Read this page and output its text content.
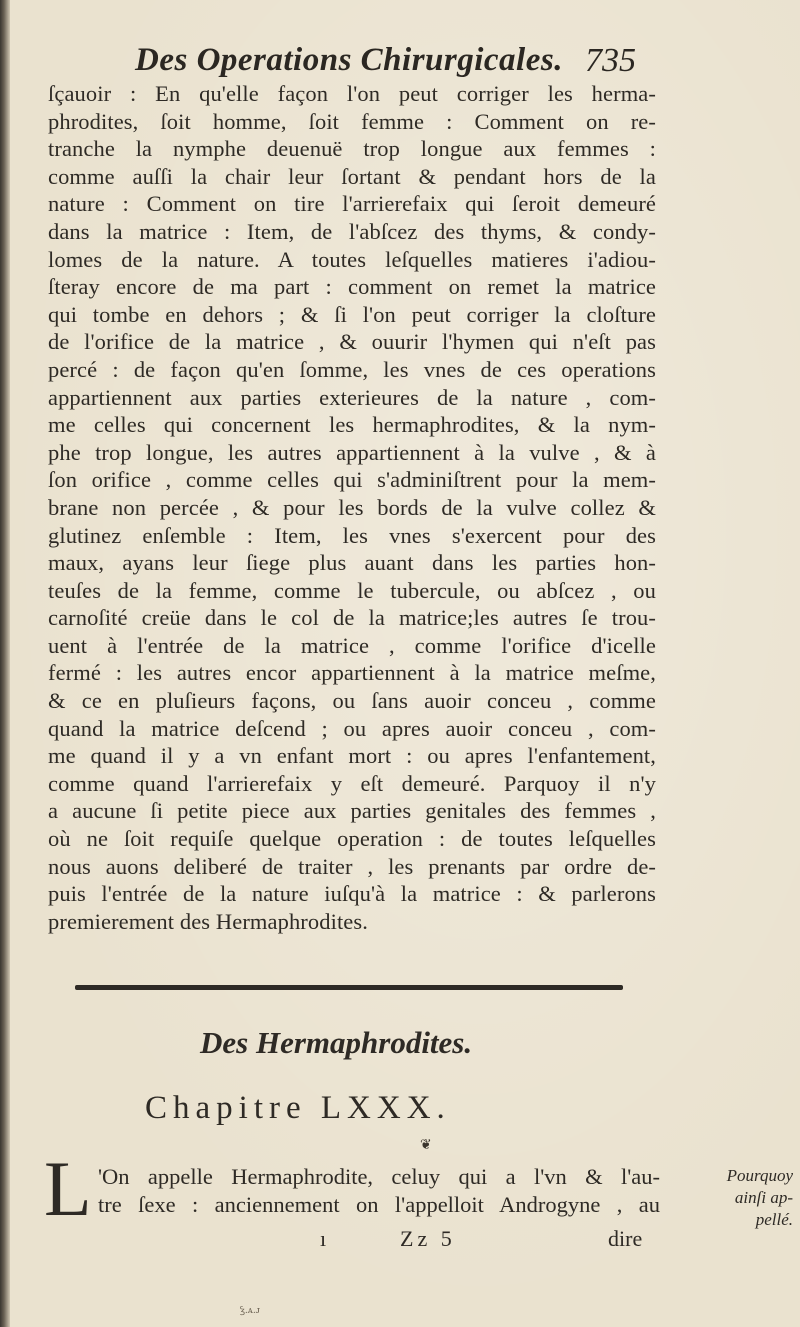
Des Operations Chirurgicales. 735
ſçauoir : En qu'elle façon l'on peut corriger les herma-
phrodites, ſoit homme, ſoit femme : Comment on re-
tranche la nymphe deuenuë trop longue aux femmes :
comme auſſi la chair leur ſortant & pendant hors de la
nature : Comment on tire l'arrierefaix qui ſeroit demeuré
dans la matrice : Item, de l'abſcez des thyms, & condy-
lomes de la nature. A toutes leſquelles matieres i'adiou-
ſteray encore de ma part : comment on remet la matrice
qui tombe en dehors ; & ſi l'on peut corriger la cloſture
de l'orifice de la matrice , & ouurir l'hymen qui n'eſt pas
percé : de façon qu'en ſomme, les vnes de ces operations
appartiennent aux parties exterieures de la nature , com-
me celles qui concernent les hermaphrodites, & la nym-
phe trop longue, les autres appartiennent à la vulve , & à
ſon orifice , comme celles qui s'adminiſtrent pour la mem-
brane non percée , & pour les bords de la vulve collez &
glutinez enſemble : Item, les vnes s'exercent pour des
maux, ayans leur ſiege plus auant dans les parties hon-
teuſes de la femme, comme le tubercule, ou abſcez , ou
carnoſité creüe dans le col de la matrice;les autres ſe trou-
uent à l'entrée de la matrice , comme l'orifice d'icelle
fermé : les autres encor appartiennent à la matrice meſme,
& ce en pluſieurs façons, ou ſans auoir conceu , comme
quand la matrice deſcend ; ou apres auoir conceu , com-
me quand il y a vn enfant mort : ou apres l'enfantement,
comme quand l'arrierefaix y eſt demeuré. Parquoy il n'y
a aucune ſi petite piece aux parties genitales des femmes ,
où ne ſoit requiſe quelque operation : de toutes leſquelles
nous auons deliberé de traiter , les prenants par ordre de-
puis l'entrée de la nature iuſqu'à la matrice : & parlerons
premierement des Hermaphrodites.
Des Hermaphrodites.
Chapitre LXXX.
❦
L 'On appelle Hermaphrodite, celuy qui a l'vn & l'au-
tre ſexe : anciennement on l'appelloit Androgyne , au
ı	Zz 5	dire
Pourquoy
ainſi ap-
pellé.
Ꝣ.ᴀ.ᴊ
